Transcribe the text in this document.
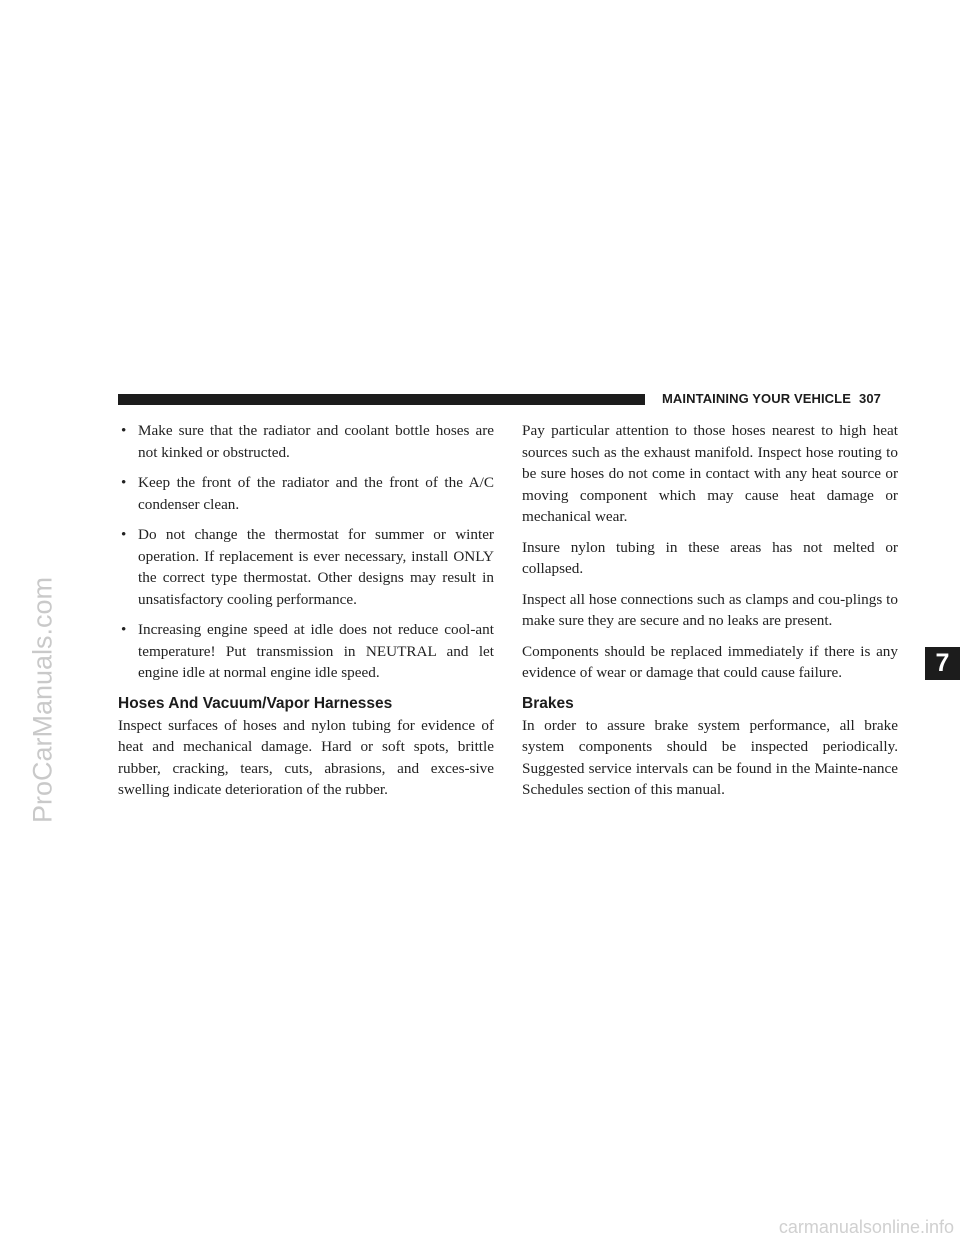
MAINTAINING YOUR VEHICLE 307
7
ProCarManuals.com
carmanualsonline.info
• Make sure that the radiator and coolant bottle hoses are not kinked or obstructed.
• Keep the front of the radiator and the front of the A/C condenser clean.
• Do not change the thermostat for summer or winter operation. If replacement is ever necessary, install ONLY the correct type thermostat. Other designs may result in unsatisfactory cooling performance.
• Increasing engine speed at idle does not reduce cool-ant temperature! Put transmission in NEUTRAL and let engine idle at normal engine idle speed.
Hoses And Vacuum/Vapor Harnesses

Inspect surfaces of hoses and nylon tubing for evidence of heat and mechanical damage. Hard or soft spots, brittle rubber, cracking, tears, cuts, abrasions, and exces-sive swelling indicate deterioration of the rubber.

Pay particular attention to those hoses nearest to high heat sources such as the exhaust manifold. Inspect hose routing to be sure hoses do not come in contact with any heat source or moving component which may cause heat damage or mechanical wear.

Insure nylon tubing in these areas has not melted or collapsed.

Inspect all hose connections such as clamps and cou-plings to make sure they are secure and no leaks are present.

Components should be replaced immediately if there is any evidence of wear or damage that could cause failure.

Brakes

In order to assure brake system performance, all brake system components should be inspected periodically. Suggested service intervals can be found in the Mainte-nance Schedules section of this manual.
